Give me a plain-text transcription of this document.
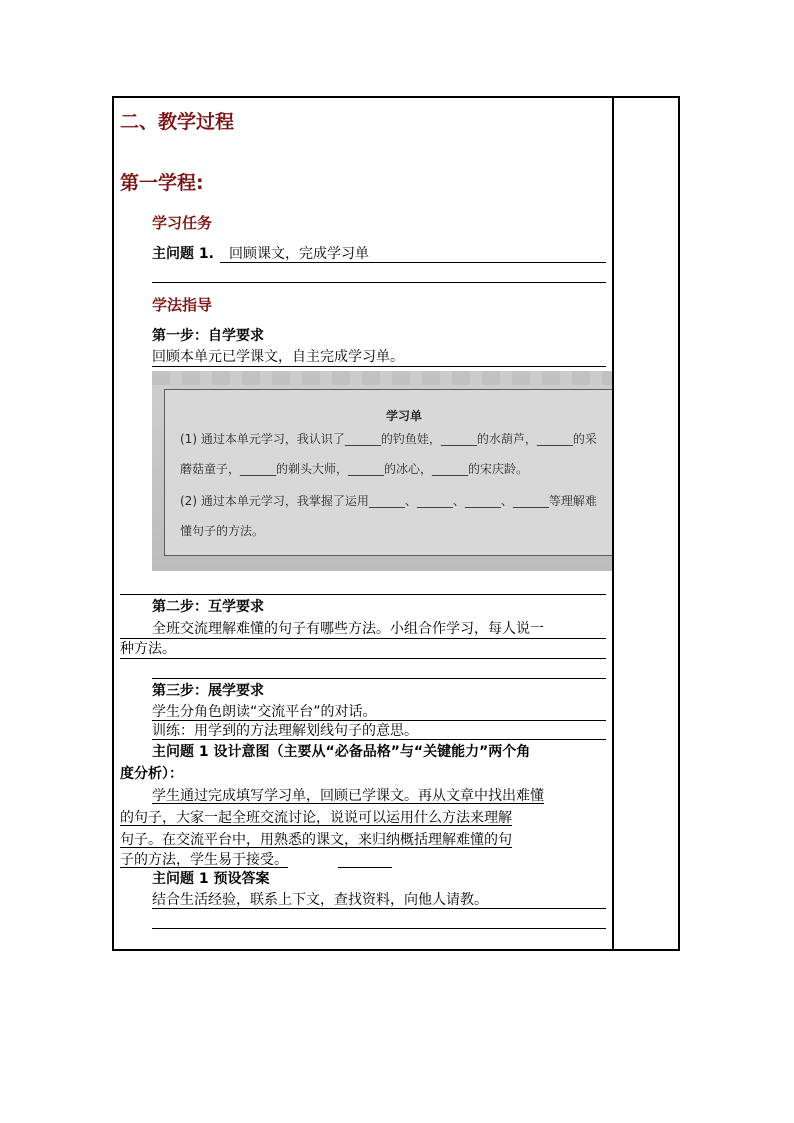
二、教学过程
第一学程:
学习任务
主问题 1. 回顾课文，完成学习单
学法指导
第一步：自学要求
回顾本单元已学课文，自主完成学习单。
学习单
(1) 通过本单元学习，我认识了______的钓鱼娃，______的水葫芦，______的采
蘑菇童子，______的剃头大师，______的冰心，______的宋庆龄。
(2) 通过本单元学习，我掌握了运用______、______、______、______等理解难
懂句子的方法。
第二步：互学要求
全班交流理解难懂的句子有哪些方法。小组合作学习，每人说一
种方法。
第三步：展学要求
学生分角色朗读“交流平台”的对话。
训练：用学到的方法理解划线句子的意思。
主问题 1 设计意图（主要从“必备品格”与“关键能力”两个角
度分析）：
学生通过完成填写学习单，回顾已学课文。再从文章中找出难懂
的句子，大家一起全班交流讨论，说说可以运用什么方法来理解
句子。在交流平台中，用熟悉的课文，来归纳概括理解难懂的句
子的方法，学生易于接受。
主问题 1 预设答案
结合生活经验，联系上下文，查找资料，向他人请教。
